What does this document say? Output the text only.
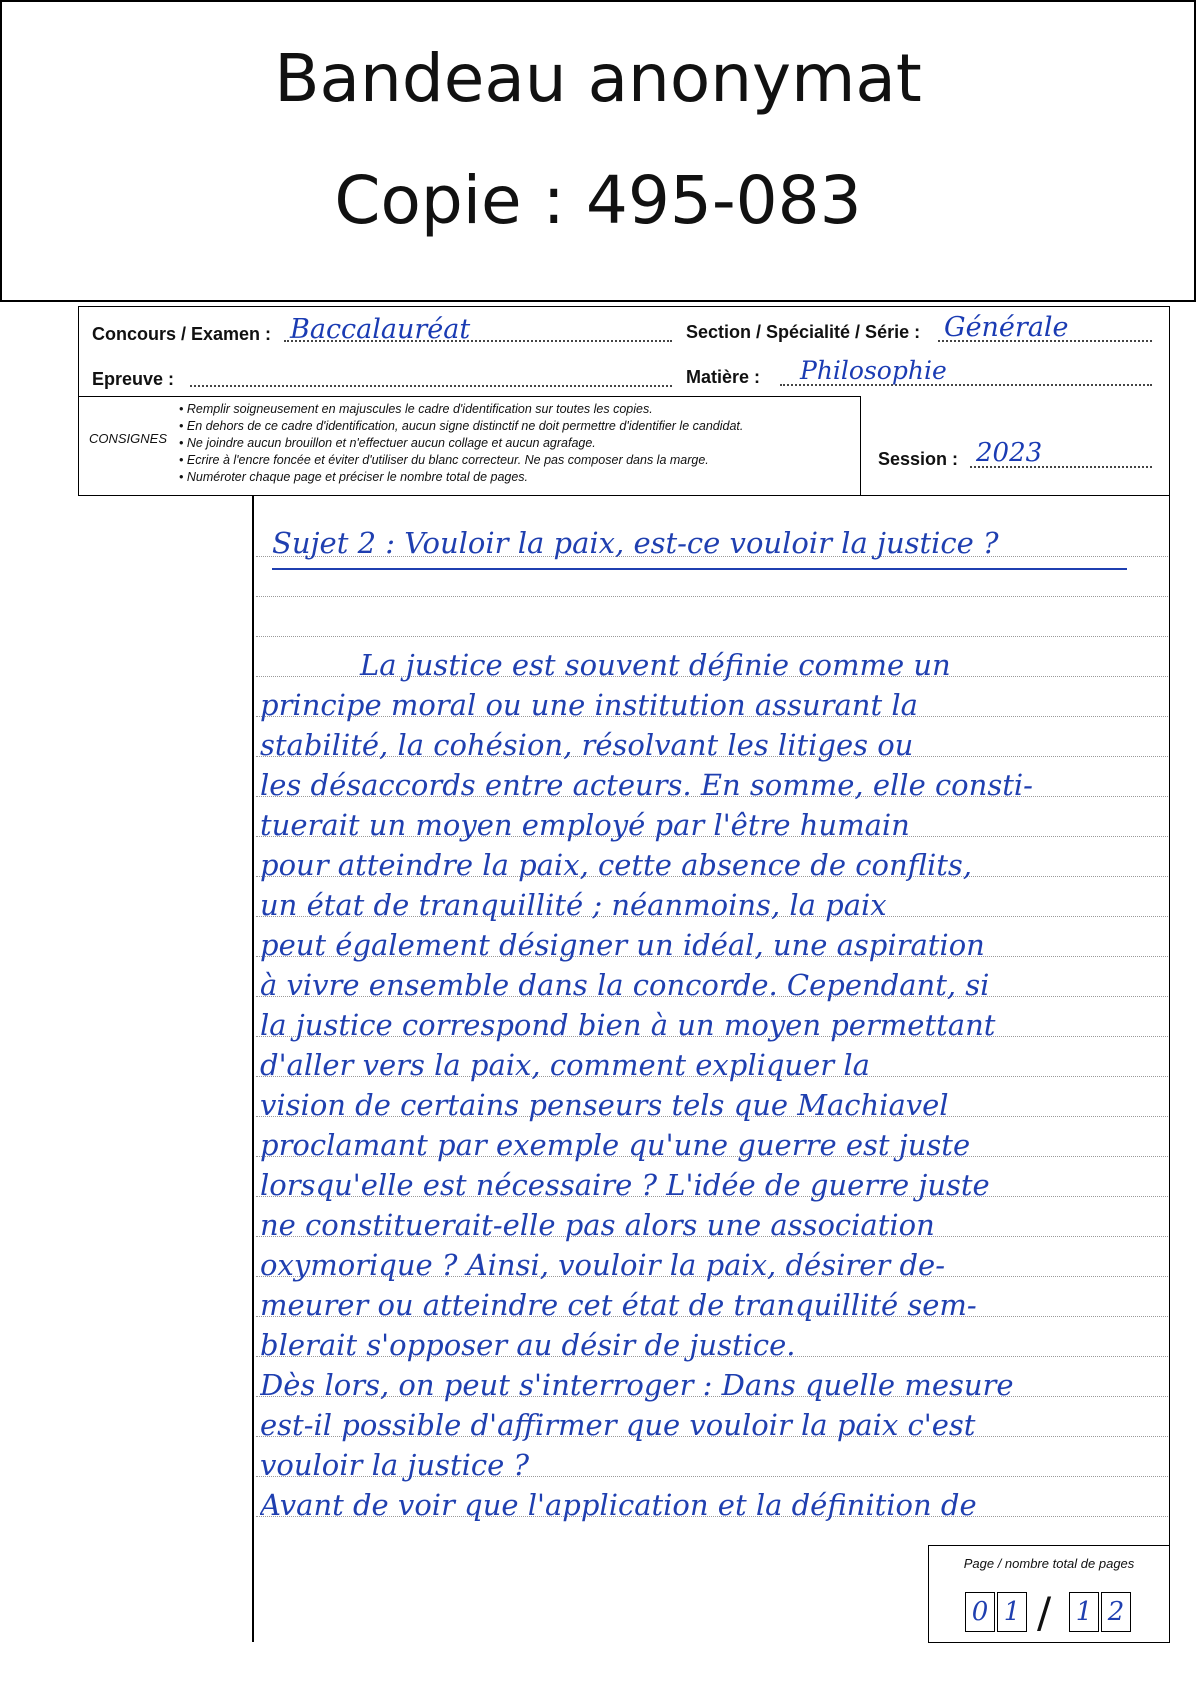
Bandeau anonymat
Copie : 495-083
Concours / Examen : Baccalauréat	Section / Spécialité / Série : Générale
Epreuve :	Matière : Philosophie
CONSIGNES
• Remplir soigneusement en majuscules le cadre d'identification sur toutes les copies.
• En dehors de ce cadre d'identification, aucun signe distinctif ne doit permettre d'identifier le candidat.
• Ne joindre aucun brouillon et n'effectuer aucun collage et aucun agrafage.
• Ecrire à l'encre foncée et éviter d'utiliser du blanc correcteur. Ne pas composer dans la marge.
• Numéroter chaque page et préciser le nombre total de pages.
Session : 2023
Sujet 2 : Vouloir la paix, est-ce vouloir la justice ?
La justice est souvent définie comme un
principe moral ou une institution assurant la
stabilité, la cohésion, résolvant les litiges ou
les désaccords entre acteurs. En somme, elle consti-
tuerait un moyen employé par l'être humain
pour atteindre la paix, cette absence de conflits,
un état de tranquillité ; néanmoins, la paix
peut également désigner un idéal, une aspiration
à vivre ensemble dans la concorde. Cependant, si
la justice correspond bien à un moyen permettant
d'aller vers la paix, comment expliquer la
vision de certains penseurs tels que Machiavel
proclamant par exemple qu'une guerre est juste
lorsqu'elle est nécessaire ? L'idée de guerre juste
ne constituerait-elle pas alors une association
oxymorique ? Ainsi, vouloir la paix, désirer de-
meurer ou atteindre cet état de tranquillité sem-
blerait s'opposer au désir de justice.
Dès lors, on peut s'interroger : Dans quelle mesure
est-il possible d'affirmer que vouloir la paix c'est
vouloir la justice ?
Avant de voir que l'application et la définition de
Page / nombre total de pages
0 1 / 1 2
